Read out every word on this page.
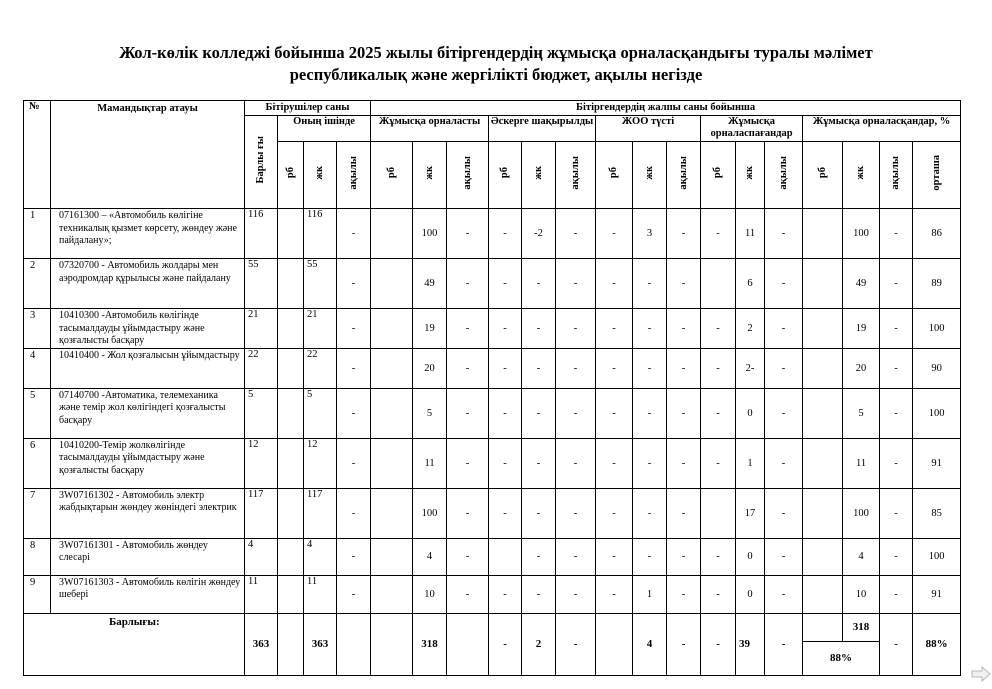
Жол-көлік колледжі бойынша 2025 жылы бітіргендердің жұмысқа орналасқандығы туралы мәлімет
республикалық және жергілікті бюджет, ақылы негізде
№	Мамандықтар атауы	Бітірушілер саны				Бітіргендердің жалпы саны бойынша															
		Барлы ғы	Оның ішінде			Жұмысқа орналасты			Әскерге шақырылды			ЖОО түсті			Жұмысқа орналаспағандар			Жұмысқа орналасқандар, %			
			рб	жк	ақылы	рб	жк	ақылы	рб	жк	ақылы	рб	жк	ақылы	рб	жк	ақылы	рб	жк	ақылы	орташа
1	07161300 – «Автомобиль көлігіне техникалық қызмет көрсету, жөндеу және пайдалану»;	116		116	-		100	-	-	-2	-	-	3	-	-	11	-		100	-	86
2	07320700 - Автомобиль жолдары мен аэродромдар құрылысы және пайдалану	55		55	-		49	-	-	-	-	-	-	-		6	-		49	-	89
3	10410300 -Автомобиль көлігінде тасымалдауды ұйымдастыру және қозғалысты басқару	21		21	-		19	-	-	-	-	-	-	-	-	2	-		19	-	100
4	10410400 - Жол қозғалысын ұйымдастыру	22		22	-		20	-	-	-	-	-	-	-	-	2-	-		20	-	90
5	07140700 -Автоматика, телемеханика және темір жол көлігіндегі қозғалысты басқару	5		5	-		5	-	-	-	-	-	-	-	-	0	-		5	-	100
6	10410200-Темір жолкөлігінде тасымалдауды ұйымдастыру және қозғалысты басқару	12		12	-		11	-	-	-	-	-	-	-	-	1	-		11	-	91
7	3W07161302 - Автомобиль электр жабдықтарын жөндеу жөніндегі электрик	117		117	-		100	-	-	-	-	-	-	-		17	-		100	-	85
8	3W07161301 - Автомобиль жөндеу слесарі	4		4	-		4	-		-	-	-	-	-	-	0	-		4	-	100
9	3W07161303 - Автомобиль көлігін жөндеу шебері	11		11	-		10	-	-	-	-	-	1	-	-	0	-		10	-	91
Барлығы:		363		363			318		-	2	-		4	-	-	39	-		318	-	88%
																		88%			
